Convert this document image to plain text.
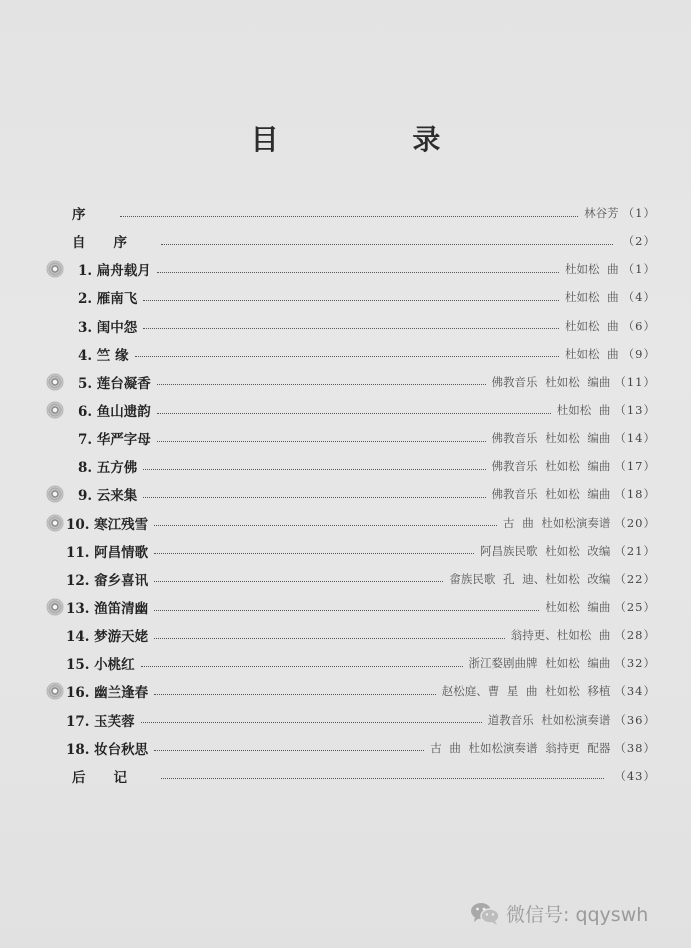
目 录
序	林谷芳 （1）
自序	（2）
1. 扁舟载月	杜如松 曲 （1）
2. 雁南飞	杜如松 曲 （4）
3. 闺中怨	杜如松 曲 （6）
4. 竺 缘	杜如松 曲 （9）
5. 莲台凝香	佛教音乐 杜如松 编曲 （11）
6. 鱼山遗韵	杜如松 曲 （13）
7. 华严字母	佛教音乐 杜如松 编曲 （14）
8. 五方佛	佛教音乐 杜如松 编曲 （17）
9. 云来集	佛教音乐 杜如松 编曲 （18）
10. 寒江残雪	古 曲 杜如松演奏谱 （20）
11. 阿昌情歌	阿昌族民歌 杜如松 改编 （21）
12. 畲乡喜讯	畲族民歌 孔 迪、杜如松 改编 （22）
13. 渔笛清幽	杜如松 编曲 （25）
14. 梦游天姥	翁持更、杜如松 曲 （28）
15. 小桃红	浙江婺剧曲牌 杜如松 编曲 （32）
16. 幽兰逢春	赵松庭、曹 星 曲 杜如松 移植 （34）
17. 玉芙蓉	道教音乐 杜如松演奏谱 （36）
18. 妆台秋思	古 曲 杜如松演奏谱 翁持更 配器 （38）
后记	（43）
微信号: qqyswh
